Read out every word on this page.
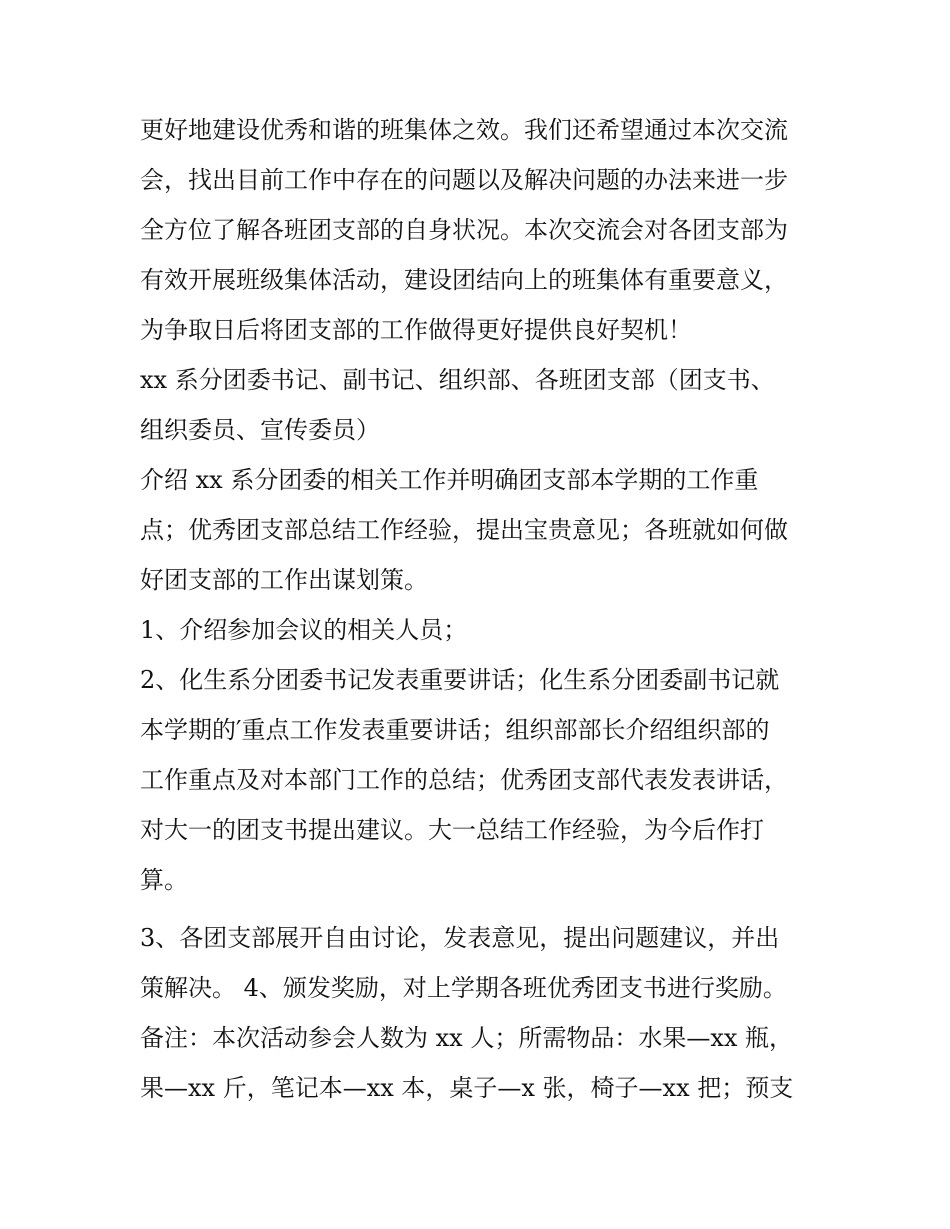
更好地建设优秀和谐的班集体之效。我们还希望通过本次交流
会，找出目前工作中存在的问题以及解决问题的办法来进一步
全方位了解各班团支部的自身状况。本次交流会对各团支部为
有效开展班级集体活动，建设团结向上的班集体有重要意义，
为争取日后将团支部的工作做得更好提供良好契机！
xx 系分团委书记、副书记、组织部、各班团支部（团支书、
组织委员、宣传委员）
介绍 xx 系分团委的相关工作并明确团支部本学期的工作重
点；优秀团支部总结工作经验，提出宝贵意见；各班就如何做
好团支部的工作出谋划策。
1、介绍参加会议的相关人员；
2、化生系分团委书记发表重要讲话；化生系分团委副书记就
本学期的′重点工作发表重要讲话；组织部部长介绍组织部的
工作重点及对本部门工作的总结；优秀团支部代表发表讲话，
对大一的团支书提出建议。大一总结工作经验，为今后作打
算。
3、各团支部展开自由讨论，发表意见，提出问题建议，并出
策解决。 4、颁发奖励，对上学期各班优秀团支书进行奖励。
备注：本次活动参会人数为 xx 人；所需物品：水果—xx 瓶，
果—xx 斤，笔记本—xx 本，桌子—x 张，椅子—xx 把；预支
